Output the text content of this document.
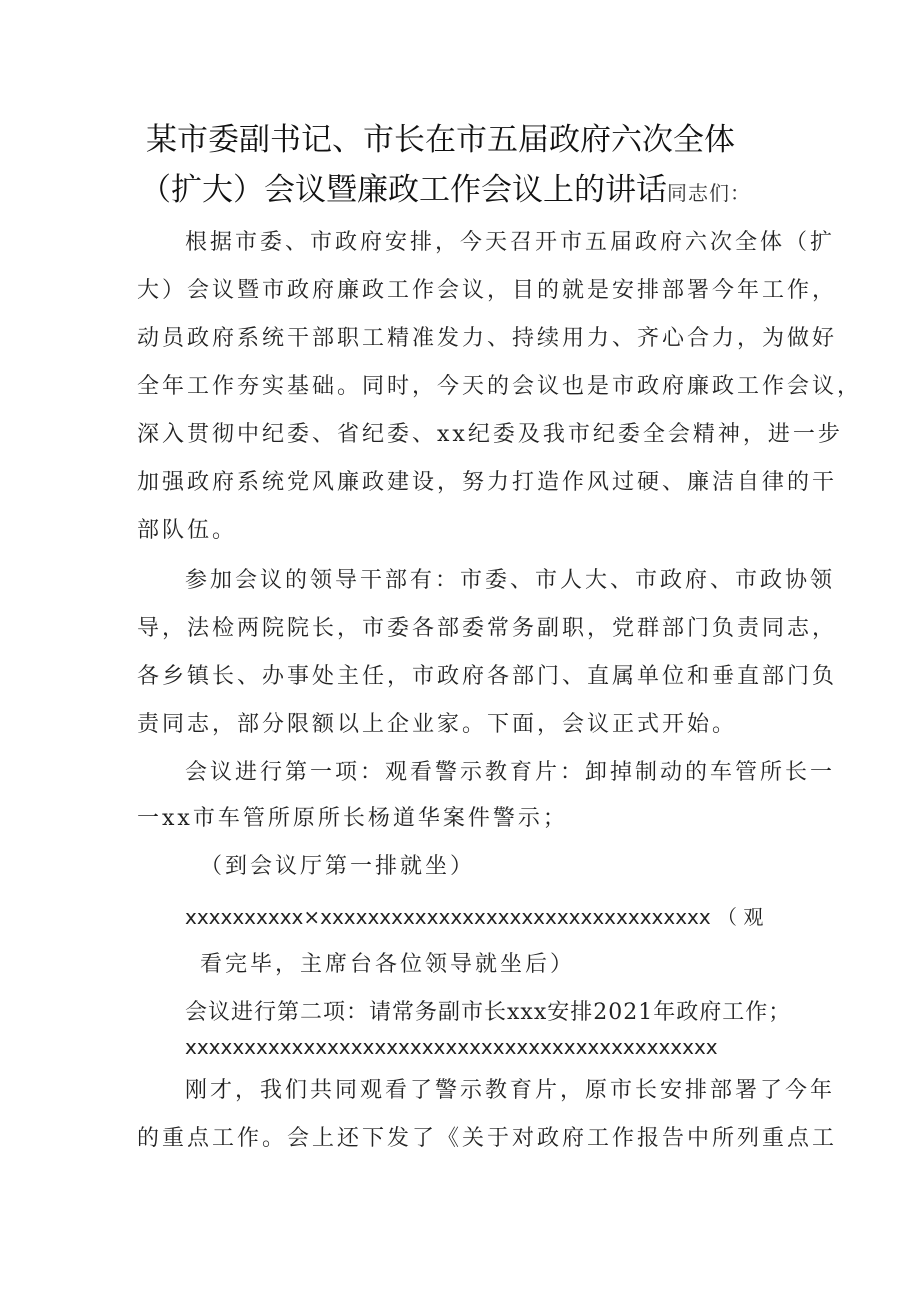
某市委副书记、市长在市五届政府六次全体
（扩大）会议暨廉政工作会议上的讲话同志们：
根据市委、市政府安排，今天召开市五届政府六次全体（扩
大）会议暨市政府廉政工作会议，目的就是安排部署今年工作，
动员政府系统干部职工精准发力、持续用力、齐心合力，为做好
全年工作夯实基础。同时，今天的会议也是市政府廉政工作会议，
深入贯彻中纪委、省纪委、xx纪委及我市纪委全会精神，进一步
加强政府系统党风廉政建设，努力打造作风过硬、廉洁自律的干
部队伍。
参加会议的领导干部有：市委、市人大、市政府、市政协领
导，法检两院院长，市委各部委常务副职，党群部门负责同志，
各乡镇长、办事处主任，市政府各部门、直属单位和垂直部门负
责同志，部分限额以上企业家。下面，会议正式开始。
会议进行第一项：观看警示教育片：卸掉制动的车管所长一
一xx市车管所原所长杨道华案件警示；
（到会议厅第一排就坐）
xxxxxxxxxx×xxxxxxxxxxxxxxxxxxxxxxxxxxxxxxxxx （ 观
看完毕，主席台各位领导就坐后）
会议进行第二项：请常务副市长xxx安排2021年政府工作；
xxxxxxxxxxxxxxxxxxxxxxxxxxxxxxxxxxxxxxxxxxxxx
刚才，我们共同观看了警示教育片，原市长安排部署了今年
的重点工作。会上还下发了《关于对政府工作报告中所列重点工
